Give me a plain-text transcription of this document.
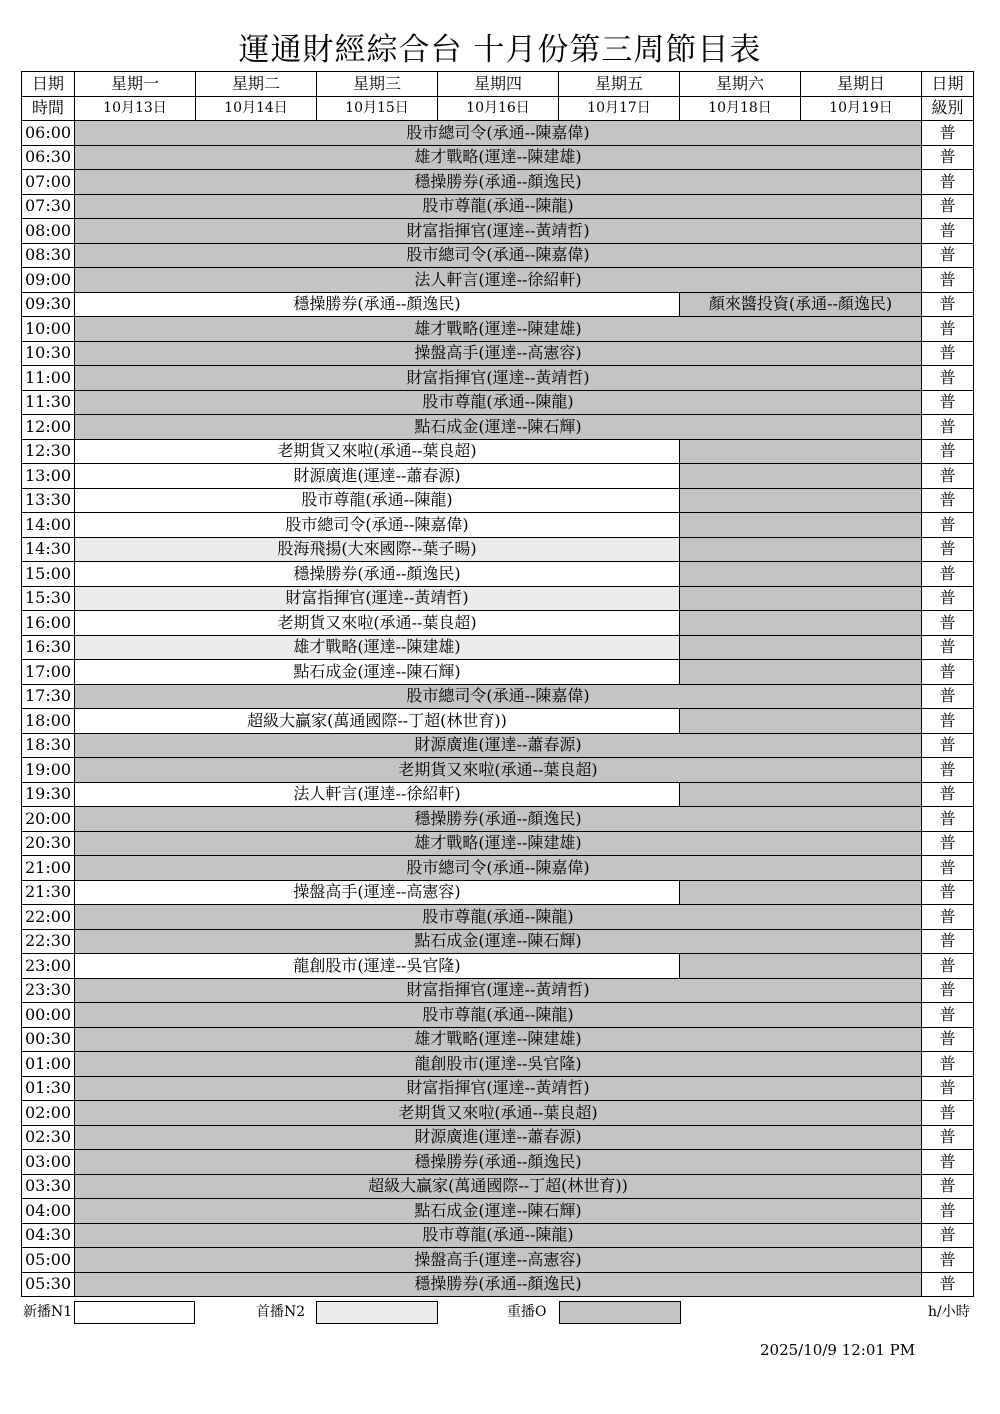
運通財經綜合台 十月份第三周節目表
日期	星期一	星期二	星期三	星期四	星期五	星期六	星期日	日期
時間	10月13日	10月14日	10月15日	10月16日	10月17日	10月18日	10月19日	級別
06:00	股市總司令(承通--陳嘉偉)							普
06:30	雄才戰略(運達--陳建雄)							普
07:00	穩操勝券(承通--顏逸民)							普
07:30	股市尊龍(承通--陳龍)							普
08:00	財富指揮官(運達--黃靖哲)							普
08:30	股市總司令(承通--陳嘉偉)							普
09:00	法人軒言(運達--徐紹軒)							普
09:30	穩操勝券(承通--顏逸民)					顏來醬投資(承通--顏逸民)		普
10:00	雄才戰略(運達--陳建雄)							普
10:30	操盤高手(運達--高憲容)							普
11:00	財富指揮官(運達--黃靖哲)							普
11:30	股市尊龍(承通--陳龍)							普
12:00	點石成金(運達--陳石輝)							普
12:30	老期貨又來啦(承通--葉良超)							普
13:00	財源廣進(運達--蕭春源)							普
13:30	股市尊龍(承通--陳龍)							普
14:00	股市總司令(承通--陳嘉偉)							普
14:30	股海飛揚(大來國際--葉子暘)							普
15:00	穩操勝券(承通--顏逸民)							普
15:30	財富指揮官(運達--黃靖哲)							普
16:00	老期貨又來啦(承通--葉良超)							普
16:30	雄才戰略(運達--陳建雄)							普
17:00	點石成金(運達--陳石輝)							普
17:30	股市總司令(承通--陳嘉偉)							普
18:00	超級大贏家(萬通國際--丁超(林世育))							普
18:30	財源廣進(運達--蕭春源)							普
19:00	老期貨又來啦(承通--葉良超)							普
19:30	法人軒言(運達--徐紹軒)							普
20:00	穩操勝券(承通--顏逸民)							普
20:30	雄才戰略(運達--陳建雄)							普
21:00	股市總司令(承通--陳嘉偉)							普
21:30	操盤高手(運達--高憲容)							普
22:00	股市尊龍(承通--陳龍)							普
22:30	點石成金(運達--陳石輝)							普
23:00	龍創股市(運達--吳官隆)							普
23:30	財富指揮官(運達--黃靖哲)							普
00:00	股市尊龍(承通--陳龍)							普
00:30	雄才戰略(運達--陳建雄)							普
01:00	龍創股市(運達--吳官隆)							普
01:30	財富指揮官(運達--黃靖哲)							普
02:00	老期貨又來啦(承通--葉良超)							普
02:30	財源廣進(運達--蕭春源)							普
03:00	穩操勝券(承通--顏逸民)							普
03:30	超級大贏家(萬通國際--丁超(林世育))							普
04:00	點石成金(運達--陳石輝)							普
04:30	股市尊龍(承通--陳龍)							普
05:00	操盤高手(運達--高憲容)							普
05:30	穩操勝券(承通--顏逸民)							普
新播N1	首播N2	重播O	h/小時
2025/10/9 12:01 PM
